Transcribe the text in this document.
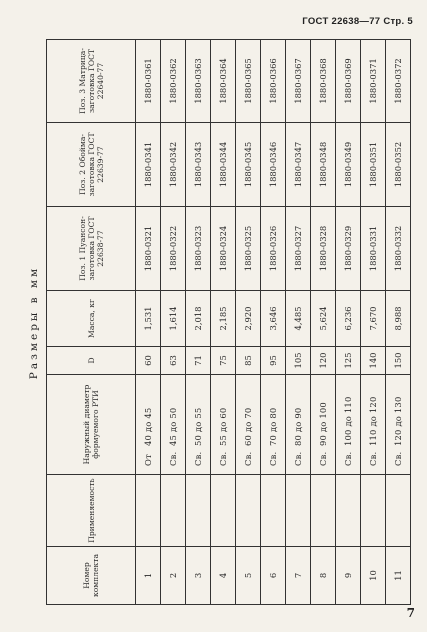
ГОСТ 22638—77 Стр. 5
Размеры в мм
Номер комплекта	Применяемость	Наружный диаметр формуемого РТИ	D	Масса, кг	Поз. 1 Пуансон-заготовка ГОСТ 22638-77	Поз. 2 Обойма-заготовка ГОСТ 22639-77	Поз. 3 Матрица-заготовка ГОСТ 22640-77
1		От40 до 45	60	1,531	1880-0321	1880-0341	1880-0361
2		Св.45 до 50	63	1,614	1880-0322	1880-0342	1880-0362
3		Св.50 до 55	71	2,018	1880-0323	1880-0343	1880-0363
4		Св.55 до 60	75	2,185	1880-0324	1880-0344	1880-0364
5		Св.60 до 70	85	2,920	1880-0325	1880-0345	1880-0365
6		Св.70 до 80	95	3,646	1880-0326	1880-0346	1880-0366
7		Св.80 до 90	105	4,485	1880-0327	1880-0347	1880-0367
8		Св.90 до 100	120	5,624	1880-0328	1880-0348	1880-0368
9		Св.100 до 110	125	6,236	1880-0329	1880-0349	1880-0369
10		Св.110 до 120	140	7,670	1880-0331	1880-0351	1880-0371
11		Св.120 до 130	150	8,988	1880-0332	1880-0352	1880-0372
7
